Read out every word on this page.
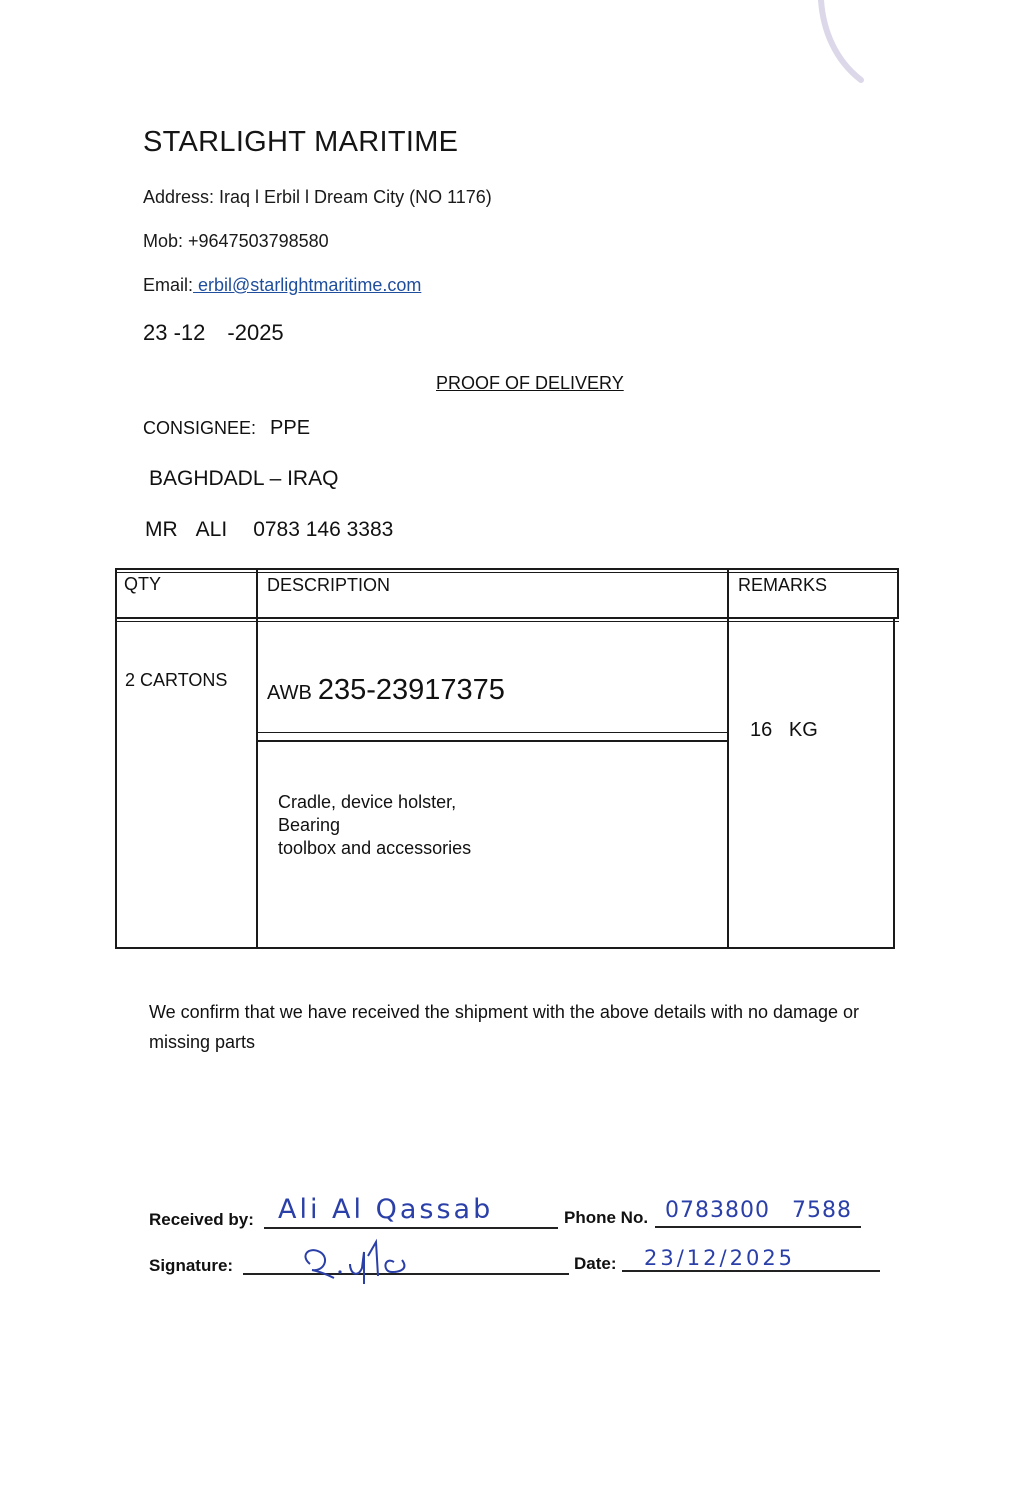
STARLIGHT MARITIME
Address: Iraq l Erbil l Dream City (NO 1176)
Mob: +9647503798580
Email: erbil@starlightmaritime.com
23 -12 -2025
PROOF OF DELIVERY
CONSIGNEE: PPE
BAGHDADL – IRAQ
MR ALI 0783 146 3383
QTY	DESCRIPTION	REMARKS
2 CARTONS
AWB 235-23917375
16   KG
Cradle, device holster,
Bearing
toolbox and accessories
We confirm that we have received the shipment with the above details with no damage or missing parts
Received by: Ali Al Qassab
Signature:
Phone No. 0783800 7588
Date: 23/12/2025
